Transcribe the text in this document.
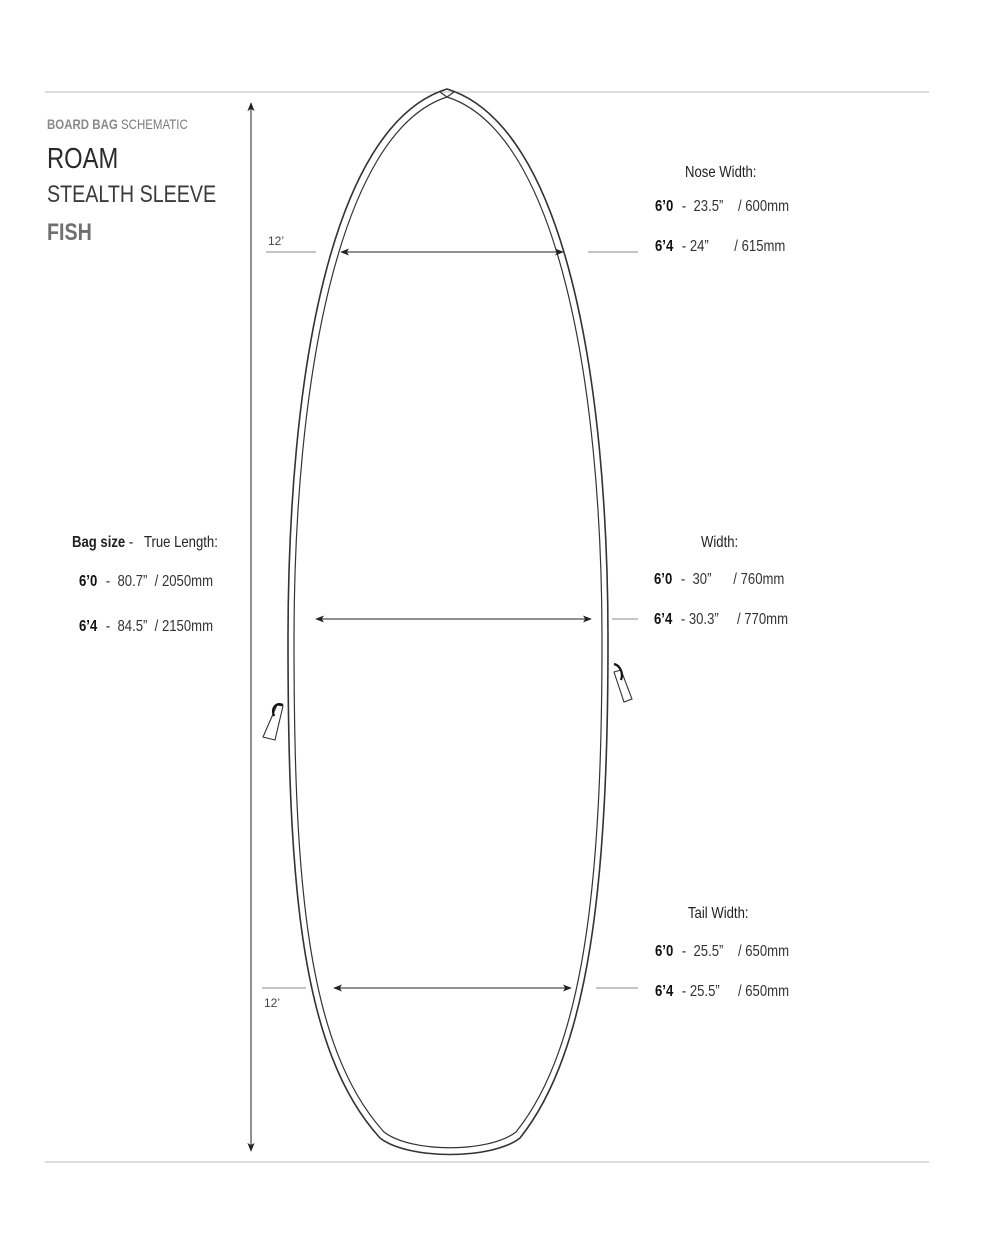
BOARD BAG SCHEMATIC
ROAM
STEALTH SLEEVE
FISH
Bag size -   True Length:
6’0 -  80.7”  / 2050mm
6’4 -  84.5”  / 2150mm
Nose Width:
6’0 -  23.5”    / 600mm
6’4 - 24”       / 615mm
12’
Width:
6’0 -  30”      / 760mm
6’4 - 30.3”     / 770mm
Tail Width:
6’0 -  25.5”    / 650mm
6’4 - 25.5”     / 650mm
12’
